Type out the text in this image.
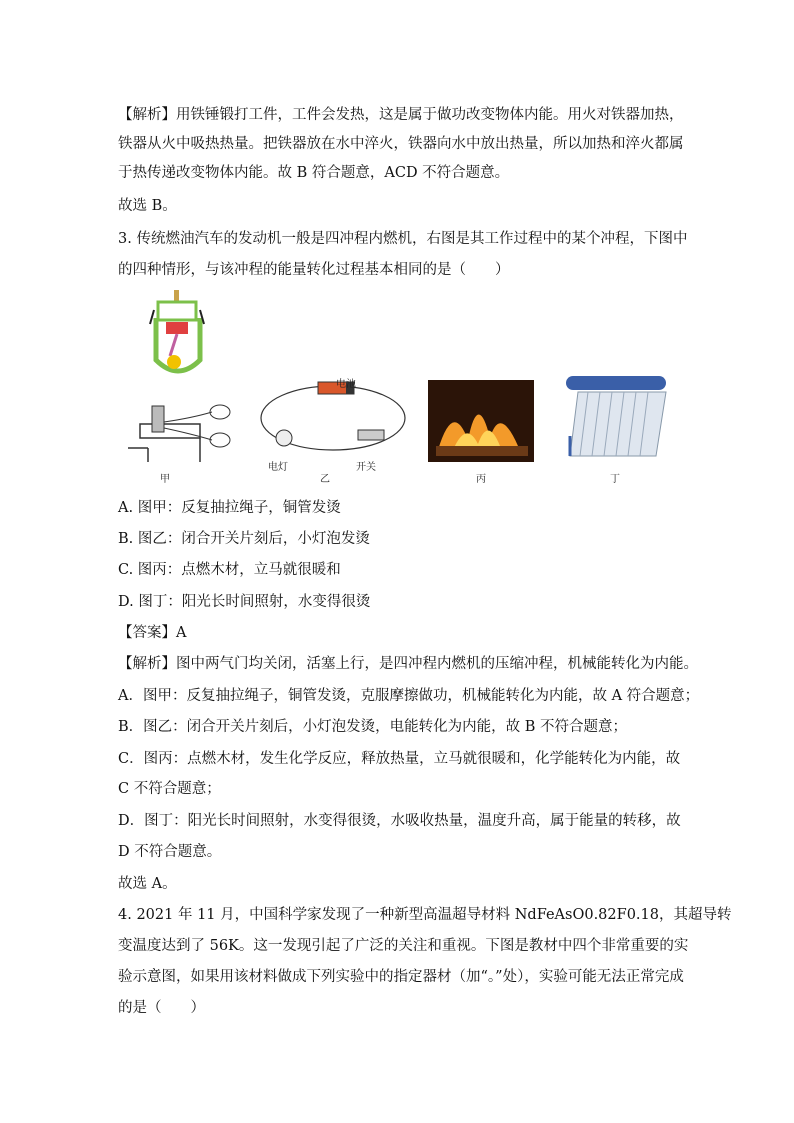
【解析】用铁锤锻打工件，工件会发热，这是属于做功改变物体内能。用火对铁器加热，
铁器从火中吸热热量。把铁器放在水中淬火，铁器向水中放出热量，所以加热和淬火都属
于热传递改变物体内能。故 B 符合题意，ACD 不符合题意。
故选 B。
3. 传统燃油汽车的发动机一般是四冲程内燃机，右图是其工作过程中的某个冲程，下图中
的四种情形，与该冲程的能量转化过程基本相同的是（　　）
甲
电池
电灯	开关
乙	丙	丁
A. 图甲：反复抽拉绳子，铜管发烫
B. 图乙：闭合开关片刻后，小灯泡发烫
C. 图丙：点燃木材，立马就很暖和
D. 图丁：阳光长时间照射，水变得很烫
【答案】A
【解析】图中两气门均关闭，活塞上行，是四冲程内燃机的压缩冲程，机械能转化为内能。
A．图甲：反复抽拉绳子，铜管发烫，克服摩擦做功，机械能转化为内能，故 A 符合题意；
B．图乙：闭合开关片刻后，小灯泡发烫，电能转化为内能，故 B 不符合题意；
C．图丙：点燃木材，发生化学反应，释放热量，立马就很暖和，化学能转化为内能，故
C 不符合题意；
D．图丁：阳光长时间照射，水变得很烫，水吸收热量，温度升高，属于能量的转移，故
D 不符合题意。
故选 A。
4. 2021 年 11 月，中国科学家发现了一种新型高温超导材料 NdFeAsO0.82F0.18，其超导转
变温度达到了 56K。这一发现引起了广泛的关注和重视。下图是教材中四个非常重要的实
验示意图，如果用该材料做成下列实验中的指定器材（加“。”处），实验可能无法正常完成
的是（　　）
